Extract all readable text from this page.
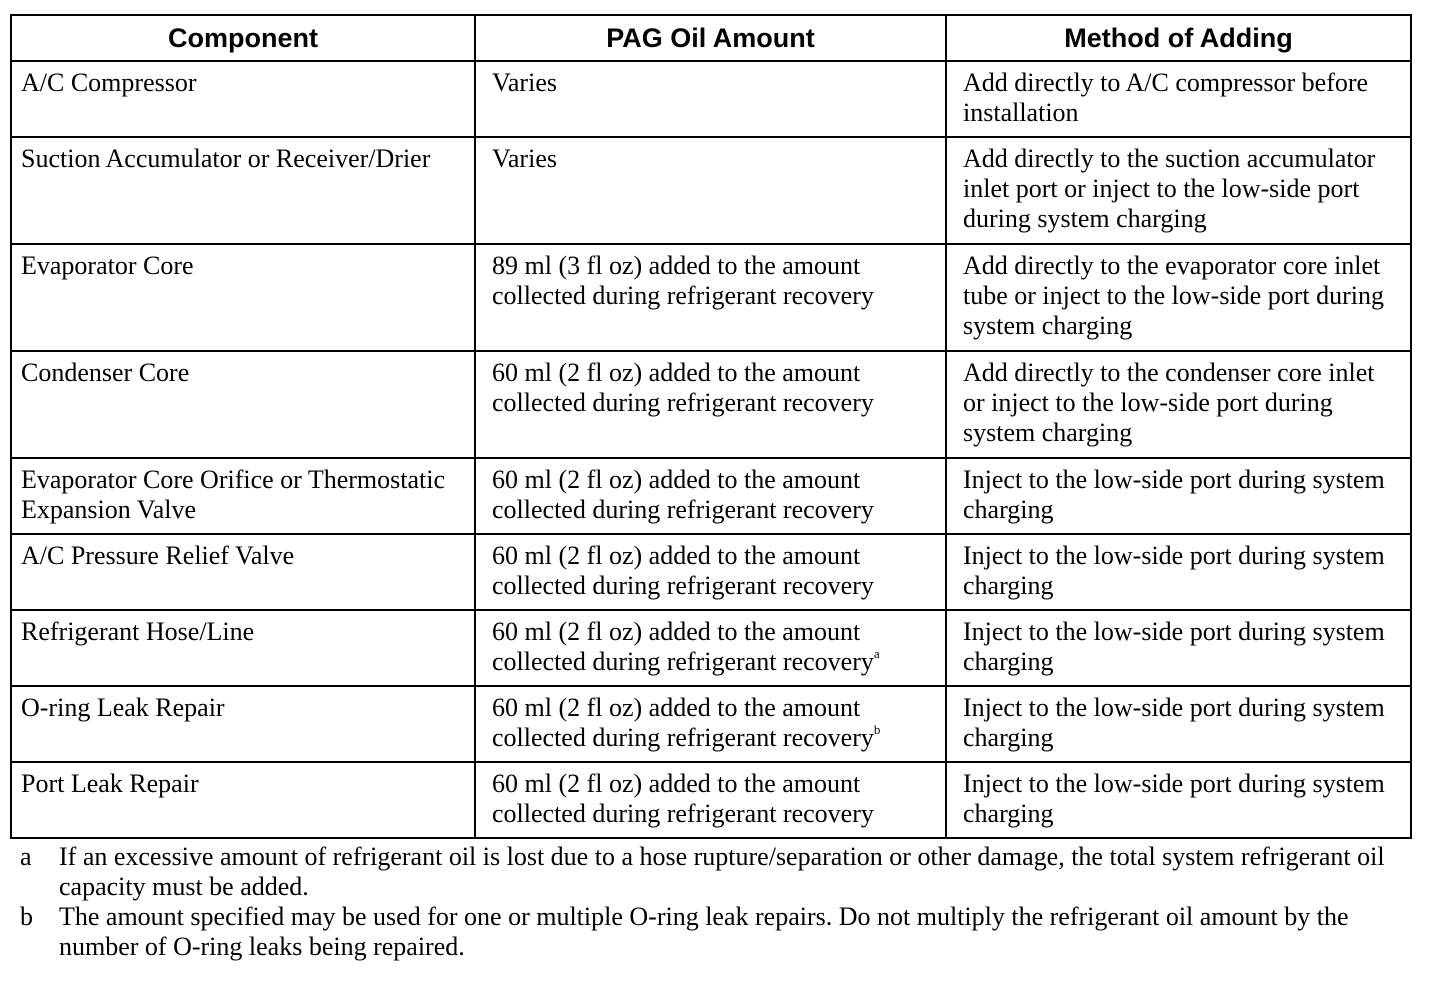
Component	PAG Oil Amount	Method of Adding
A/C Compressor	Varies	Add directly to A/C compressor before installation
Suction Accumulator or Receiver/Drier	Varies	Add directly to the suction accumulator inlet port or inject to the low-side port during system charging
Evaporator Core	89 ml (3 fl oz) added to the amount collected during refrigerant recovery	Add directly to the evaporator core inlet tube or inject to the low-side port during system charging
Condenser Core	60 ml (2 fl oz) added to the amount collected during refrigerant recovery	Add directly to the condenser core inlet or inject to the low-side port during system charging
Evaporator Core Orifice or Thermostatic Expansion Valve	60 ml (2 fl oz) added to the amount collected during refrigerant recovery	Inject to the low-side port during system charging
A/C Pressure Relief Valve	60 ml (2 fl oz) added to the amount collected during refrigerant recovery	Inject to the low-side port during system charging
Refrigerant Hose/Line	60 ml (2 fl oz) added to the amount collected during refrigerant recovery$^a$	Inject to the low-side port during system charging
O-ring Leak Repair	60 ml (2 fl oz) added to the amount collected during refrigerant recovery$^b$	Inject to the low-side port during system charging
Port Leak Repair	60 ml (2 fl oz) added to the amount collected during refrigerant recovery	Inject to the low-side port during system charging

a If an excessive amount of refrigerant oil is lost due to a hose rupture/separation or other damage, the total system refrigerant oil capacity must be added.

b The amount specified may be used for one or multiple O-ring leak repairs. Do not multiply the refrigerant oil amount by the number of O-ring leaks being repaired.
